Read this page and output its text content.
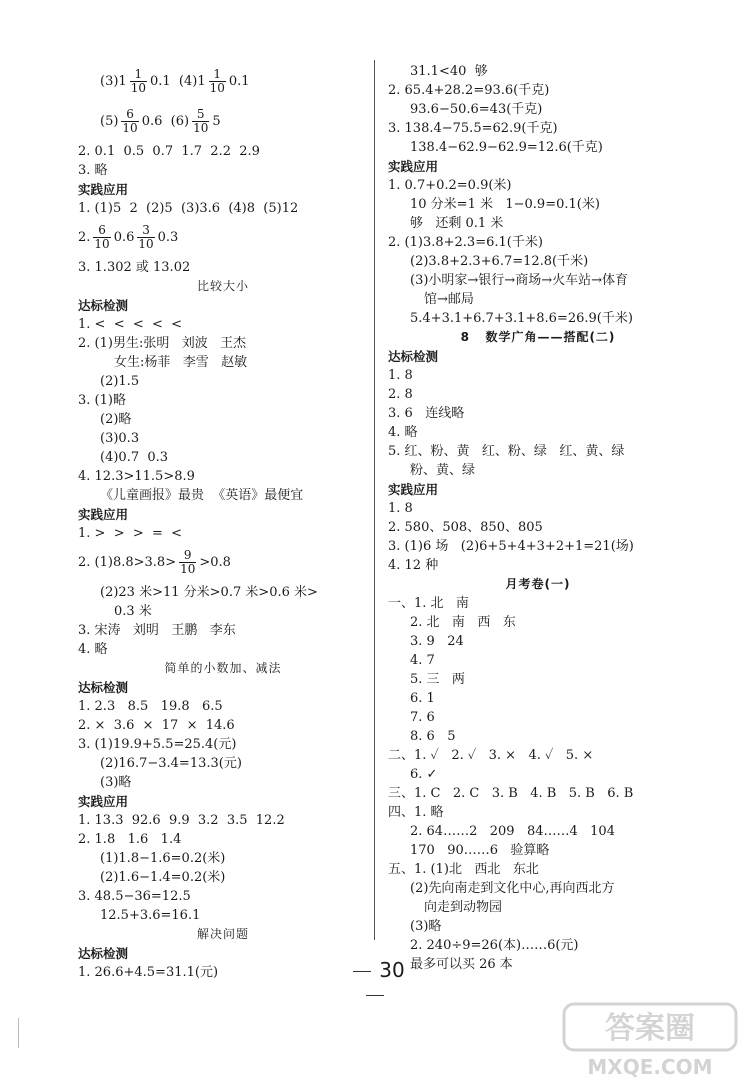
$(3)1 \frac{1}{10} 0.1$  $(4)1 \frac{1}{10} 0.1$
$(5) \frac{6}{10} 0.6$  $(6) \frac{5}{10} 5$
2. 0.1  0.5  0.7  1.7  2.2  2.9
3. 略
实践应用
1. (1)5  2  (2)5  (3)3.6  (4)8  (5)12
2. $\frac{6}{10} 0.6 \frac{3}{10} 0.3$
3. 1.302 或 13.02
比较大小
达标检测
1. <  <  <  <  <
2. (1)男生:张明   刘波   王杰
女生:杨菲   李雪   赵敏
(2)1.5
3. (1)略
(2)略
(3)0.3
(4)0.7  0.3
4. 12.3>11.5>8.9
《儿童画报》最贵  《英语》最便宜
实践应用
1. >  >  >  =  <
2. $(1)8.8>3.8> \frac{9}{10} >0.8$
(2)23 米>11 分米>0.7 米>0.6 米>
0.3 米
3. 宋涛   刘明   王鹏   李东
4. 略
简单的小数加、减法
达标检测
1. 2.3   8.5   19.8   6.5
2. ×  3.6  ×  17  ×  14.6
3. (1)19.9+5.5=25.4(元)
(2)16.7−3.4=13.3(元)
(3)略
实践应用
1. 13.3  92.6  9.9  3.2  3.5  12.2
2. 1.8   1.6   1.4
(1)1.8−1.6=0.2(米)
(2)1.6−1.4=0.2(米)
3. 48.5−36=12.5
12.5+3.6=16.1
解决问题
达标检测
1. 26.6+4.5=31.1(元)
31.1<40  够
2. 65.4+28.2=93.6(千克)
93.6−50.6=43(千克)
3. 138.4−75.5=62.9(千克)
138.4−62.9−62.9=12.6(千克)
实践应用
1. 0.7+0.2=0.9(米)
10 分米=1 米   1−0.9=0.1(米)
够   还剩 0.1 米
2. (1)3.8+2.3=6.1(千米)
(2)3.8+2.3+6.7=12.8(千米)
(3)小明家→银行→商场→火车站→体育
馆→邮局
5.4+3.1+6.7+3.1+8.6=26.9(千米)
8   数学广角——搭配(二)
达标检测
1. 8
2. 8
3. 6   连线略
4. 略
5. 红、粉、黄   红、粉、绿   红、黄、绿
粉、黄、绿
实践应用
1. 8
2. 580、508、850、805
3. (1)6 场   (2)6+5+4+3+2+1=21(场)
4. 12 种
月考卷(一)
一、1. 北   南
2. 北   南   西   东
3. 9   24
4. 7
5. 三   两
6. 1
7. 6
8. 6   5
二、1. ✓   2. ✓   3. ×   4. ✓   5. ×
6. ✓
三、1. C   2. C   3. B   4. B   5. B   6. B
四、1. 略
2. 64……2   209   84……4   104
170   90……6   验算略
五、1. (1)北   西北   东北
(2)先向南走到文化中心,再向西北方
向走到动物园
(3)略
2. 240÷9=26(本)……6(元)
最多可以买 26 本
30
答案圈
MXQE.COM
